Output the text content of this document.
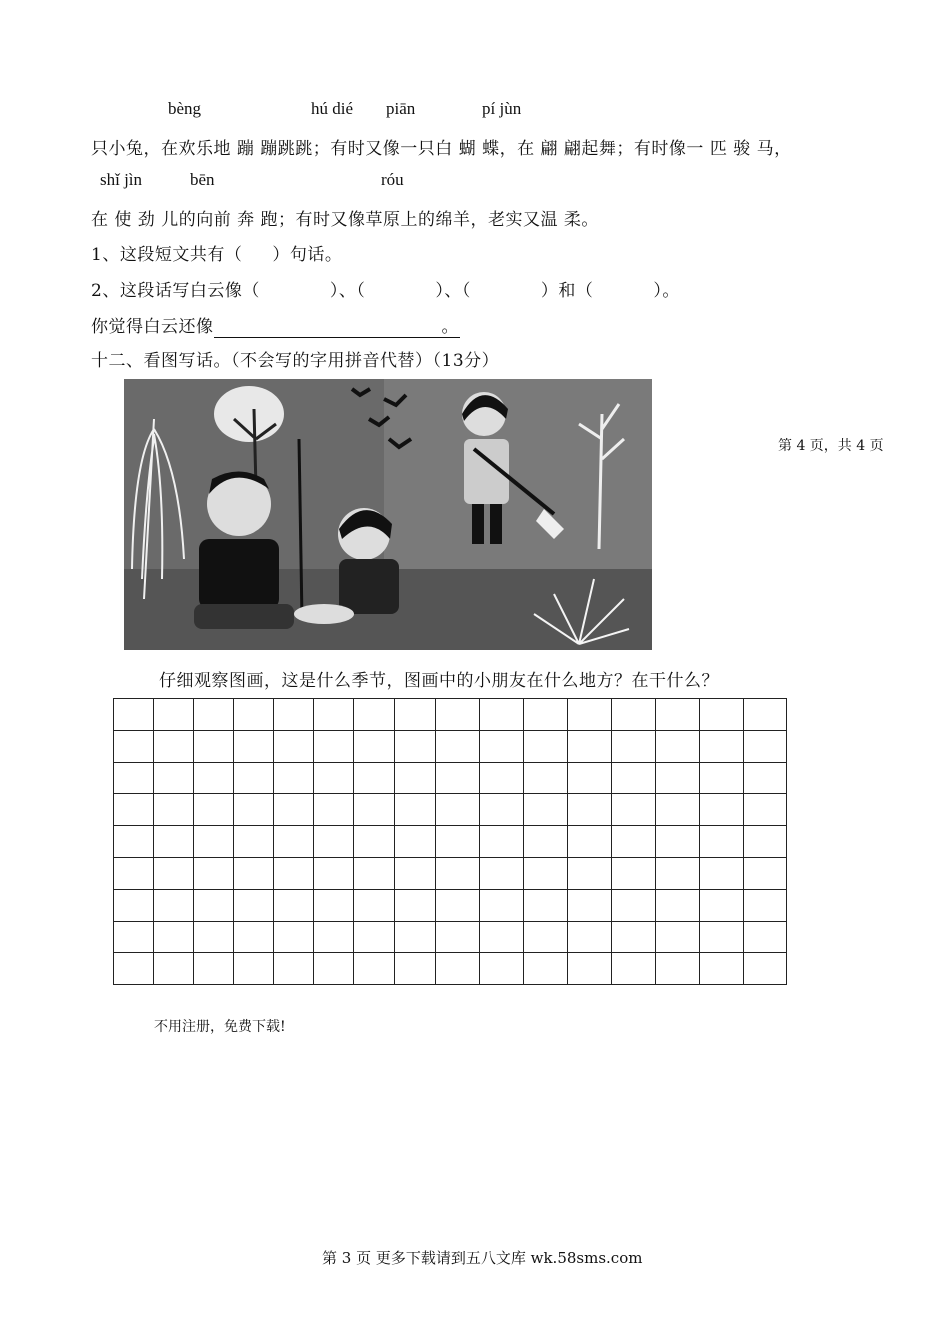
bèng	hú dié piān	pí jùn
只小兔，在欢乐地 蹦 蹦跳跳；有时又像一只白 蝴 蝶，在 翩 翩起舞；有时像一 匹 骏 马，
shǐ jìn	bēn	róu
在 使 劲 儿的向前 奔 跑；有时又像草原上的绵羊，老实又温 柔。
1、这段短文共有（ ）句话。
2、这段话写白云像（	）、（	）、（	）和（	）。
你觉得白云还像	。
十二、看图写话。（不会写的字用拼音代替）（13分）
第 4 页，共 4 页
仔细观察图画，这是什么季节，图画中的小朋友在什么地方？在干什么？

不用注册，免费下载!
第 3 页 更多下载请到五八文库 wk.58sms.com
